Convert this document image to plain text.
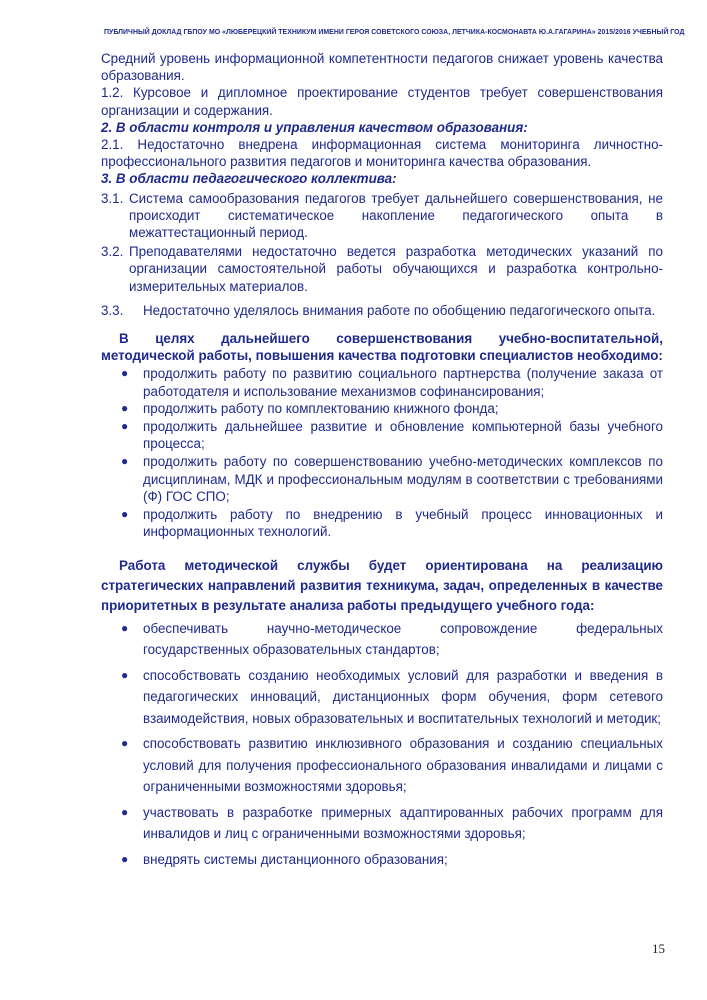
ПУБЛИЧНЫЙ ДОКЛАД ГБПОУ МО «ЛЮБЕРЕЦКИЙ ТЕХНИКУМ ИМЕНИ ГЕРОЯ СОВЕТСКОГО СОЮЗА, ЛЕТЧИКА-КОСМОНАВТА Ю.А.ГАГАРИНА» 2015/2016 УЧЕБНЫЙ ГОД

Средний уровень информационной компетентности педагогов снижает уровень качества образования.

1.2. Курсовое и дипломное проектирование студентов требует совершенствования организации и содержания.

2. В области контроля и управления качеством образования:

2.1. Недостаточно внедрена информационная система мониторинга личностно-профессионального развития педагогов и мониторинга качества образования.

3. В области педагогического коллектива:

3.1. Система самообразования педагогов требует дальнейшего совершенствования, не происходит систематическое накопление педагогического опыта в межаттестационный период.
3.2. Преподавателями недостаточно ведется разработка методических указаний по организации самостоятельной работы обучающихся и разработка контрольно-измерительных материалов.
3.3.	Недостаточно уделялось внимания работе по обобщению педагогического опыта.

В целях дальнейшего совершенствования учебно-воспитательной, методической работы, повышения качества подготовки специалистов необходимо:

●	продолжить работу по развитию социального партнерства (получение заказа от работодателя и использование механизмов софинансирования;
●	продолжить работу по комплектованию книжного фонда;
●	продолжить дальнейшее развитие и обновление компьютерной базы учебного процесса;
●	продолжить работу по совершенствованию учебно-методических комплексов по дисциплинам, МДК и профессиональным модулям в соответствии с требованиями (Ф) ГОС СПО;
●	продолжить работу по внедрению в учебный процесс инновационных и информационных технологий.

Работа методической службы будет ориентирована на реализацию стратегических направлений развития техникума, задач, определенных в качестве приоритетных в результате анализа работы предыдущего учебного года:

●	обеспечивать научно-методическое сопровождение федеральных государственных образовательных стандартов;
●	способствовать созданию необходимых условий для разработки и введения в педагогических инноваций, дистанционных форм обучения, форм сетевого взаимодействия, новых образовательных и воспитательных технологий и методик;
●	способствовать развитию инклюзивного образования и созданию специальных условий для получения профессионального образования инвалидами и лицами с ограниченными возможностями здоровья;
●	участвовать в разработке примерных адаптированных рабочих программ для инвалидов и лиц с ограниченными возможностями здоровья;
●	внедрять системы дистанционного образования;
15
